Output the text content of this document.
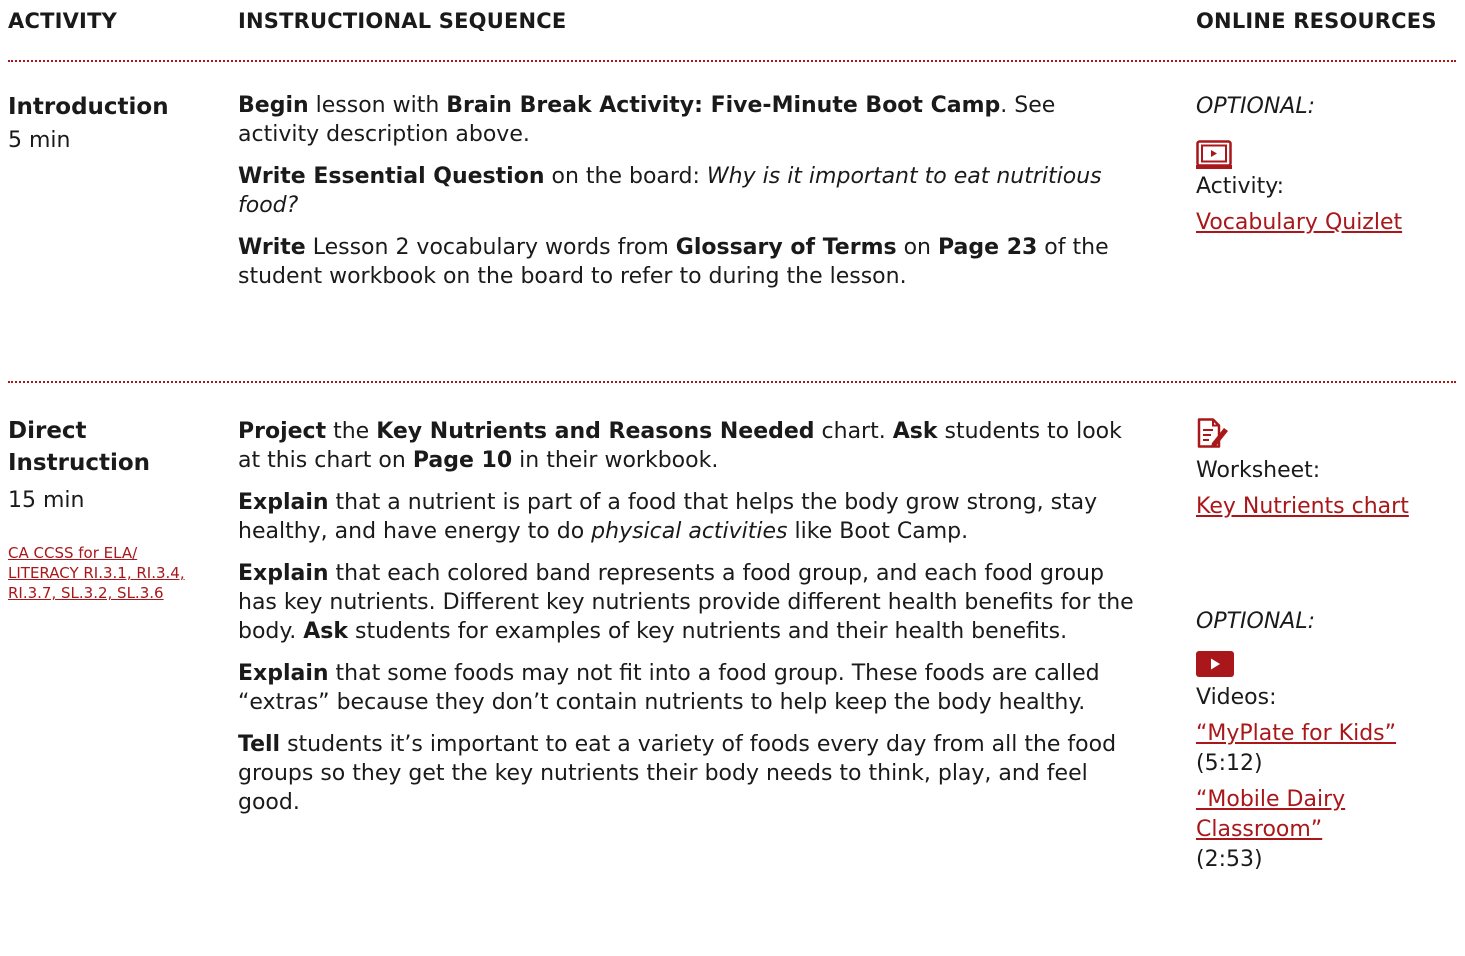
ACTIVITY	INSTRUCTIONAL SEQUENCE	ONLINE RESOURCES
Introduction
5 min

Begin lesson with Brain Break Activity: Five-Minute Boot Camp. See activity description above.

Write Essential Question on the board: Why is it important to eat nutritious food?

Write Lesson 2 vocabulary words from Glossary of Terms on Page 23 of the student workbook on the board to refer to during the lesson.

OPTIONAL:
Activity:
Vocabulary Quizlet
Direct
Instruction
15 min
CA CCSS for ELA/ LITERACY RI.3.1, RI.3.4, RI.3.7, SL.3.2, SL.3.6

Project the Key Nutrients and Reasons Needed chart. Ask students to look at this chart on Page 10 in their workbook.

Explain that a nutrient is part of a food that helps the body grow strong, stay healthy, and have energy to do physical activities like Boot Camp.

Explain that each colored band represents a food group, and each food group has key nutrients. Different key nutrients provide different health benefits for the body. Ask students for examples of key nutrients and their health benefits.

Explain that some foods may not fit into a food group. These foods are called “extras” because they don’t contain nutrients to help keep the body healthy.

Tell students it’s important to eat a variety of foods every day from all the food groups so they get the key nutrients their body needs to think, play, and feel good.

Worksheet:
Key Nutrients chart
OPTIONAL:
Videos:
“MyPlate for Kids”
(5:12)
“Mobile Dairy Classroom”
(2:53)
